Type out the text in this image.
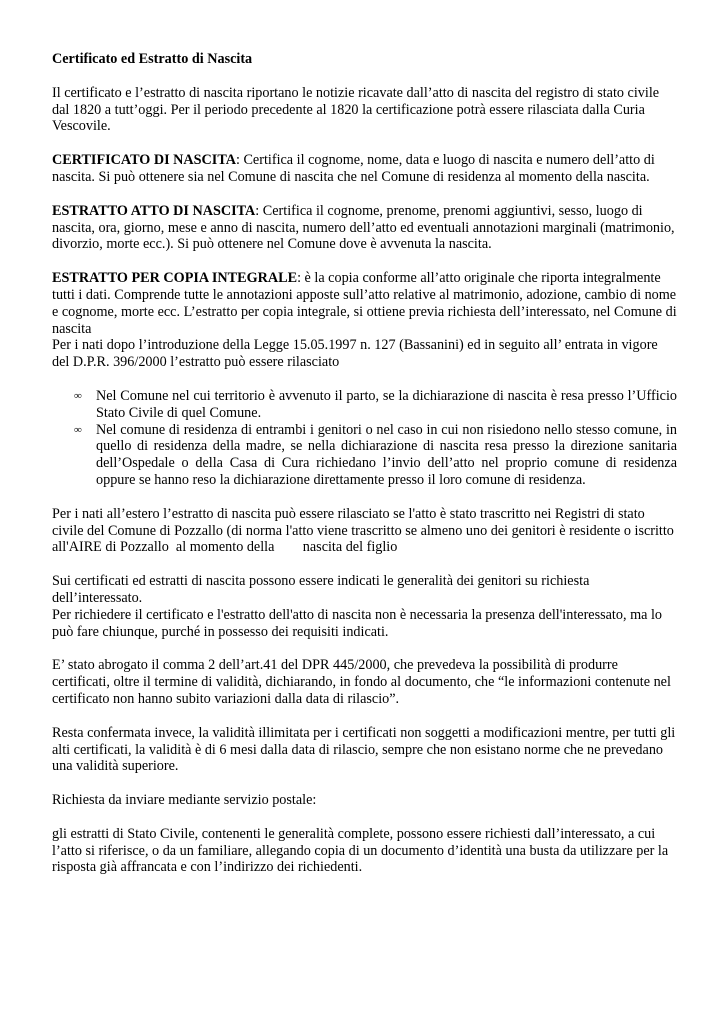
Certificato ed Estratto di Nascita

Il certificato e l’estratto di nascita riportano le notizie ricavate dall’atto di nascita del registro di stato civile dal 1820 a tutt’oggi. Per il periodo precedente al 1820 la certificazione potrà essere rilasciata dalla Curia Vescovile.

CERTIFICATO DI NASCITA: Certifica il cognome, nome, data e luogo di nascita e numero dell’atto di nascita. Si può ottenere sia nel Comune di nascita che nel Comune di residenza al momento della nascita.

ESTRATTO ATTO DI NASCITA: Certifica il cognome, prenome, prenomi aggiuntivi, sesso, luogo di nascita, ora, giorno, mese e anno di nascita, numero dell’atto ed eventuali annotazioni marginali (matrimonio, divorzio, morte ecc.). Si può ottenere nel Comune dove è avvenuta la nascita.

ESTRATTO PER COPIA INTEGRALE: è la copia conforme all’atto originale che riporta integralmente tutti i dati. Comprende tutte le annotazioni apposte sull’atto relative al matrimonio, adozione, cambio di nome e cognome, morte ecc. L’estratto per copia integrale, si ottiene previa richiesta dell’interessato, nel Comune di nascita

Per i nati dopo l’introduzione della Legge 15.05.1997 n. 127 (Bassanini) ed in seguito all’ entrata in vigore del D.P.R. 396/2000 l’estratto può essere rilasciato

∞ Nel Comune nel cui territorio è avvenuto il parto, se la dichiarazione di nascita è resa presso l’Ufficio Stato Civile di quel Comune.
∞ Nel comune di residenza di entrambi i genitori o nel caso in cui non risiedono nello stesso comune, in quello di residenza della madre, se nella dichiarazione di nascita resa presso la direzione sanitaria dell’Ospedale o della Casa di Cura richiedano l’invio dell’atto nel proprio comune di residenza oppure se hanno reso la dichiarazione direttamente presso il loro comune di residenza.

Per i nati all’estero l’estratto di nascita può essere rilasciato se l'atto è stato trascritto nei Registri di stato civile del Comune di Pozzallo (di norma l'atto viene trascritto se almeno uno dei genitori è residente o iscritto all'AIRE di Pozzallo  al momento della        nascita del figlio

Sui certificati ed estratti di nascita possono essere indicati le generalità dei genitori su richiesta dell’interessato.

Per richiedere il certificato e l'estratto dell'atto di nascita non è necessaria la presenza dell'interessato, ma lo può fare chiunque, purché in possesso dei requisiti indicati.

E’ stato abrogato il comma 2 dell’art.41 del DPR 445/2000, che prevedeva la possibilità di produrre certificati, oltre il termine di validità, dichiarando, in fondo al documento, che “le informazioni contenute nel certificato non hanno subito variazioni dalla data di rilascio”.

Resta confermata invece, la validità illimitata per i certificati non soggetti a modificazioni mentre, per tutti gli alti certificati, la validità è di 6 mesi dalla data di rilascio, sempre che non esistano norme che ne prevedano una validità superiore.

Richiesta da inviare mediante servizio postale:

gli estratti di Stato Civile, contenenti le generalità complete, possono essere richiesti dall’interessato, a cui l’atto si riferisce, o da un familiare, allegando copia di un documento d’identità una busta da utilizzare per la risposta già affrancata e con l’indirizzo dei richiedenti.
